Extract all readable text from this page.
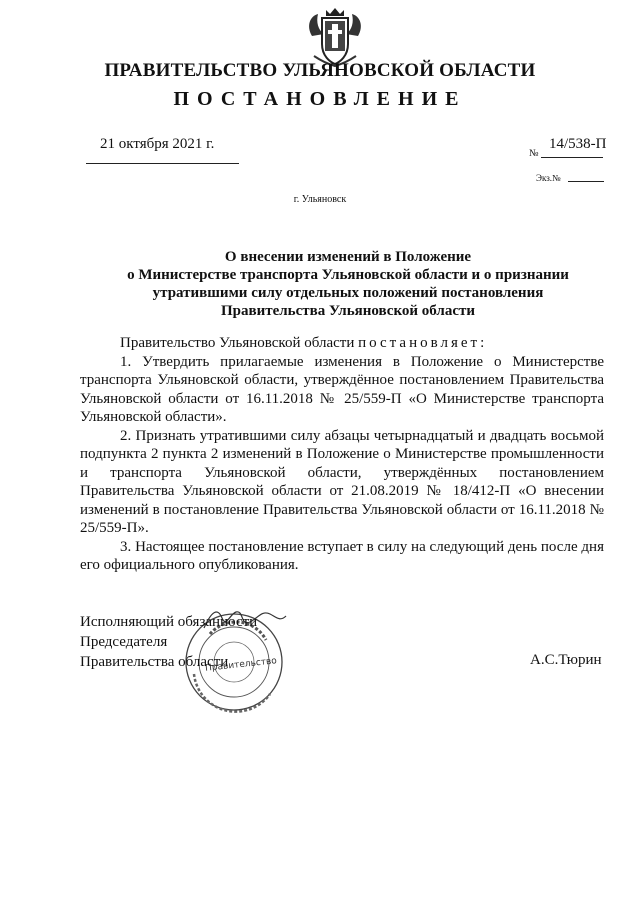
ПРАВИТЕЛЬСТВО УЛЬЯНОВСКОЙ ОБЛАСТИ
ПОСТАНОВЛЕНИЕ
21 октября 2021 г.
№
14/538-П
Экз.№
г. Ульяновск
О внесении изменений в Положение
о Министерстве транспорта Ульяновской области и о признании
утратившими силу отдельных положений постановления
Правительства Ульяновской области

Правительство Ульяновской области постановляет:

1. Утвердить прилагаемые изменения в Положение о Министерстве транспорта Ульяновской области, утверждённое постановлением Правительства Ульяновской области от 16.11.2018 № 25/559-П «О Министерстве транспорта Ульяновской области».

2. Признать утратившими силу абзацы четырнадцатый и двадцать восьмой подпункта 2 пункта 2 изменений в Положение о Министерстве промышленности и транспорта Ульяновской области, утверждённых постановлением Правительства Ульяновской области от 21.08.2019 № 18/412-П «О внесении изменений в постановление Правительства Ульяновской области от 16.11.2018 № 25/559-П».

3. Настоящее постановление вступает в силу на следующий день после дня его официального опубликования.

Правительство
Исполняющий обязанности
Председателя
Правительства области	А.С.Тюрин
